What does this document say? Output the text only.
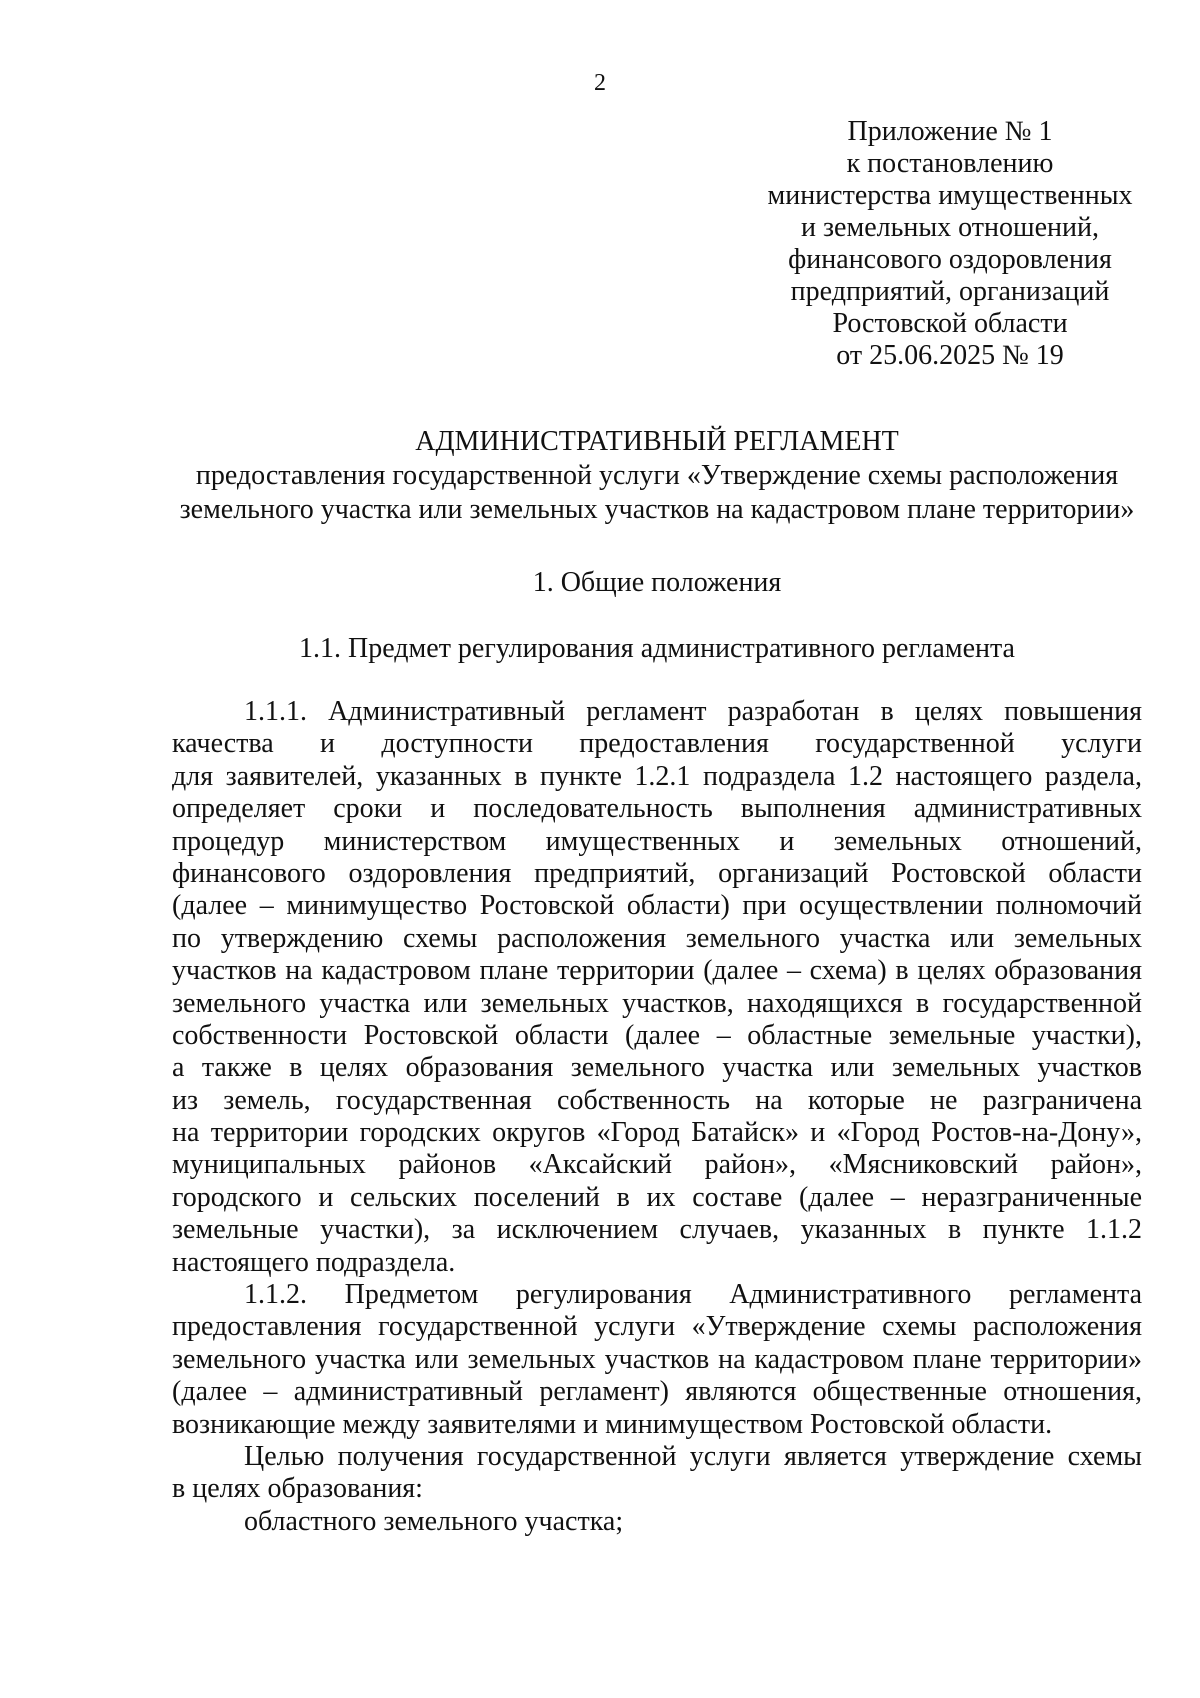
2
Приложение № 1
к постановлению
министерства имущественных
и земельных отношений,
финансового оздоровления
предприятий, организаций
Ростовской области
от 25.06.2025 № 19
АДМИНИСТРАТИВНЫЙ РЕГЛАМЕНТ
предоставления государственной услуги «Утверждение схемы расположения
земельного участка или земельных участков на кадастровом плане территории»
1. Общие положения
1.1. Предмет регулирования административного регламента
1.1.1. Административный регламент разработан в целях повышения
качества и доступности предоставления государственной услуги
для заявителей, указанных в пункте 1.2.1 подраздела 1.2 настоящего раздела,
определяет сроки и последовательность выполнения административных
процедур министерством имущественных и земельных отношений,
финансового оздоровления предприятий, организаций Ростовской области
(далее – минимущество Ростовской области) при осуществлении полномочий
по утверждению схемы расположения земельного участка или земельных
участков на кадастровом плане территории (далее – схема) в целях образования
земельного участка или земельных участков, находящихся в государственной
собственности Ростовской области (далее – областные земельные участки),
а также в целях образования земельного участка или земельных участков
из земель, государственная собственность на которые не разграничена
на территории городских округов «Город Батайск» и «Город Ростов-на-Дону»,
муниципальных районов «Аксайский район», «Мясниковский район»,
городского и сельских поселений в их составе (далее – неразграниченные
земельные участки), за исключением случаев, указанных в пункте 1.1.2
настоящего подраздела.
1.1.2. Предметом регулирования Административного регламента
предоставления государственной услуги «Утверждение схемы расположения
земельного участка или земельных участков на кадастровом плане территории»
(далее – административный регламент) являются общественные отношения,
возникающие между заявителями и минимуществом Ростовской области.
Целью получения государственной услуги является утверждение схемы
в целях образования:
областного земельного участка;
